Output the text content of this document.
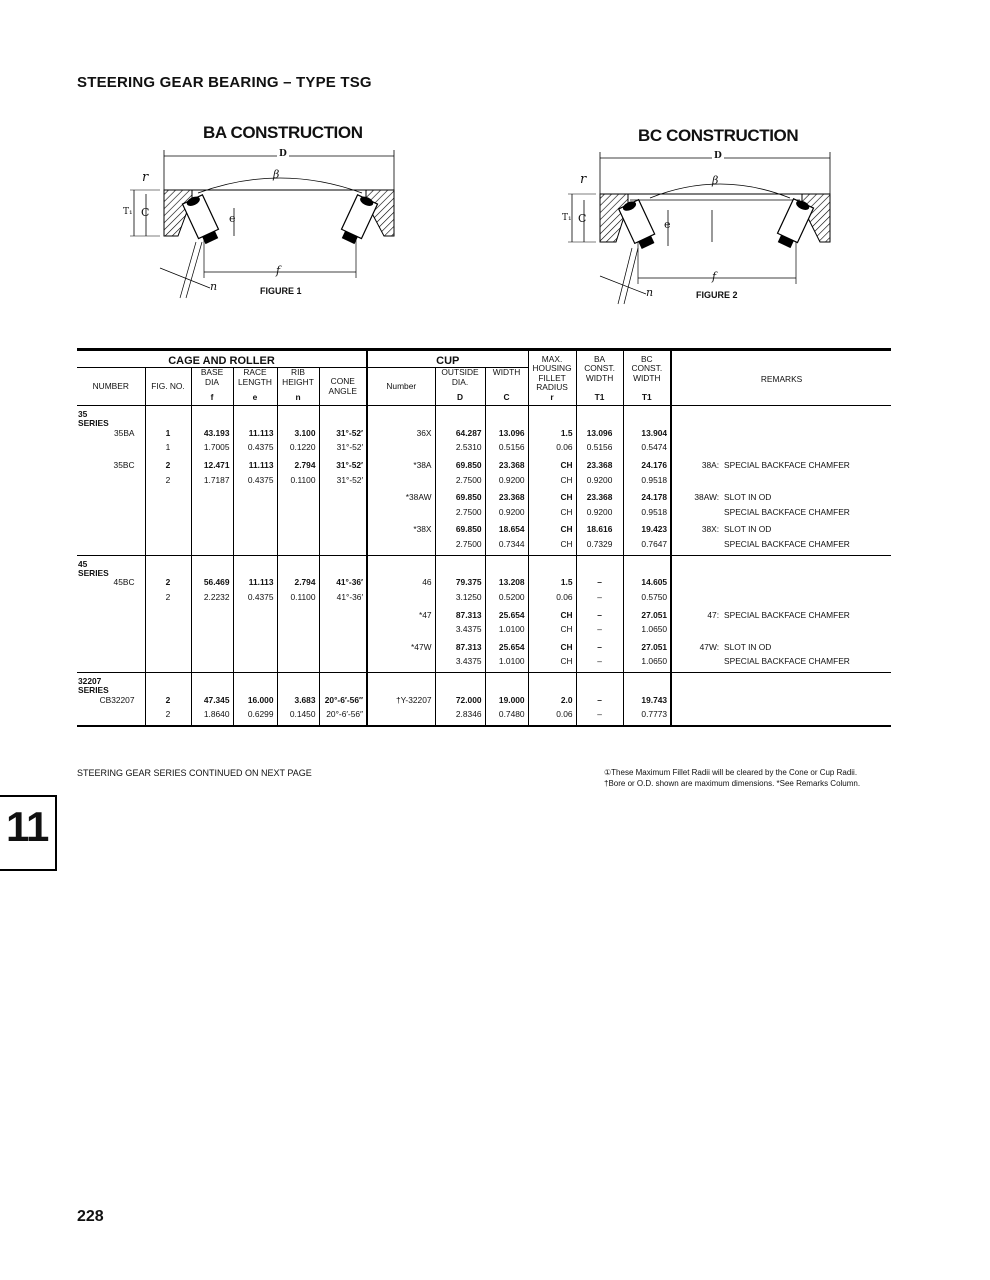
STEERING GEAR BEARING – TYPE TSG
BA CONSTRUCTION
D
β
r
T₁ C	e
f
n	FIGURE 1
BC CONSTRUCTION
D
β
r
T₁ C	e
f
n	FIGURE 2
CAGE AND ROLLER						CUP			MAX. HOUSING FILLET RADIUS	BA CONST. WIDTH	BC CONST. WIDTH	REMARKS
NUMBER	FIG. NO.	BASE DIA	RACE LENGTH	RIB HEIGHT	CONE ANGLE	Number	OUTSIDE DIA.	WIDTH				
		f	e	n			D	C	r	T1	T1	

35
SERIES												

35BA	1	43.193	11.113	3.100	31°-52′	36X	64.287	13.096	1.5	13.096	13.904	
	1	1.7005	0.4375	0.1220	31°-52′		2.5310	0.5156	0.06	0.5156	0.5474	
35BC	2	12.471	11.113	2.794	31°-52′	*38A	69.850	23.368	CH	23.368	24.176	38A: SPECIAL BACKFACE CHAMFER
	2	1.7187	0.4375	0.1100	31°-52′		2.7500	0.9200	CH	0.9200	0.9518	
						*38AW	69.850	23.368	CH	23.368	24.178	38AW: SLOT IN OD
							2.7500	0.9200	CH	0.9200	0.9518	SPECIAL BACKFACE CHAMFER
						*38X	69.850	18.654	CH	18.616	19.423	38X: SLOT IN OD
							2.7500	0.7344	CH	0.7329	0.7647	SPECIAL BACKFACE CHAMFER

45
SERIES												

45BC	2	56.469	11.113	2.794	41°-36′	46	79.375	13.208	1.5	–	14.605	
	2	2.2232	0.4375	0.1100	41°-36′		3.1250	0.5200	0.06	–	0.5750	
						*47	87.313	25.654	CH	–	27.051	47: SPECIAL BACKFACE CHAMFER
							3.4375	1.0100	CH	–	1.0650	
						*47W	87.313	25.654	CH	–	27.051	47W: SLOT IN OD
							3.4375	1.0100	CH	–	1.0650	SPECIAL BACKFACE CHAMFER

32207
SERIES												

CB32207	2	47.345	16.000	3.683	20°-6′-56″	†Y-32207	72.000	19.000	2.0	–	19.743	
	2	1.8640	0.6299	0.1450	20°-6′-56″		2.8346	0.7480	0.06	–	0.7773	
STEERING GEAR SERIES CONTINUED ON NEXT PAGE	①These Maximum Fillet Radii will be cleared by the Cone or Cup Radii.
†Bore or O.D. shown are maximum dimensions. *See Remarks Column.
11
228
